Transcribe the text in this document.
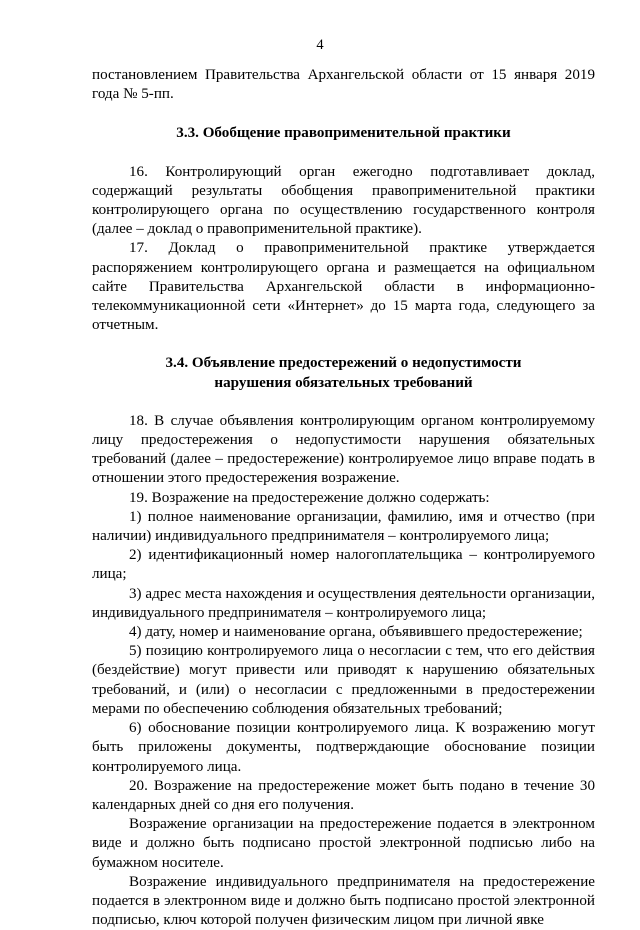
4

постановлением Правительства Архангельской области от 15 января 2019 года № 5-пп.

3.3. Обобщение правоприменительной практики

16. Контролирующий орган ежегодно подготавливает доклад, содержащий результаты обобщения правоприменительной практики контролирующего органа по осуществлению государственного контроля (далее – доклад о правоприменительной практике).

17. Доклад о правоприменительной практике утверждается распоряжением контролирующего органа и размещается на официальном сайте Правительства Архангельской области в информационно-телекоммуникационной сети «Интернет» до 15 марта года, следующего за отчетным.

3.4. Объявление предостережений о недопустимости
нарушения обязательных требований

18. В случае объявления контролирующим органом контролируемому лицу предостережения о недопустимости нарушения обязательных требований (далее – предостережение) контролируемое лицо вправе подать в отношении этого предостережения возражение.

19. Возражение на предостережение должно содержать:

1) полное наименование организации, фамилию, имя и отчество (при наличии) индивидуального предпринимателя – контролируемого лица;

2) идентификационный номер налогоплательщика – контролируемого лица;

3) адрес места нахождения и осуществления деятельности организации, индивидуального предпринимателя – контролируемого лица;

4) дату, номер и наименование органа, объявившего предостережение;

5) позицию контролируемого лица о несогласии с тем, что его действия (бездействие) могут привести или приводят к нарушению обязательных требований, и (или) о несогласии с предложенными в предостережении мерами по обеспечению соблюдения обязательных требований;

6) обоснование позиции контролируемого лица. К возражению могут быть приложены документы, подтверждающие обоснование позиции контролируемого лица.

20. Возражение на предостережение может быть подано в течение 30 календарных дней со дня его получения.

Возражение организации на предостережение подается в электронном виде и должно быть подписано простой электронной подписью либо на бумажном носителе.

Возражение индивидуального предпринимателя на предостережение подается в электронном виде и должно быть подписано простой электронной подписью, ключ которой получен физическим лицом при личной явке
